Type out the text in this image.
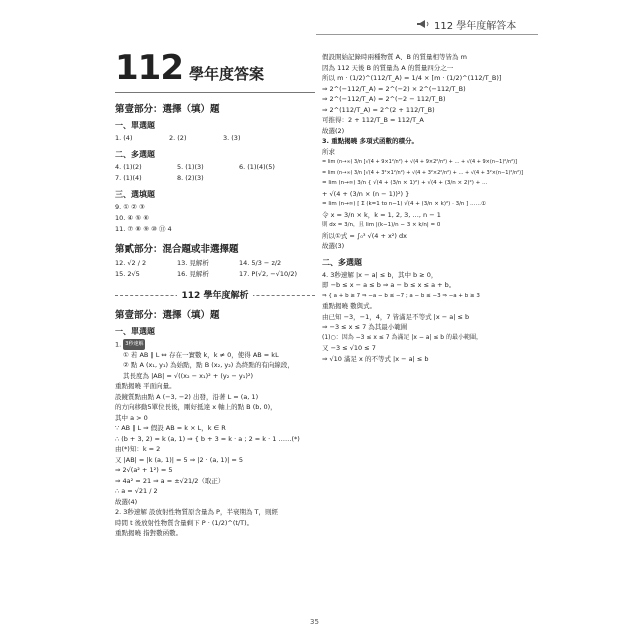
112 學年度解答本
112 學年度答案
第壹部分：選擇（填）題
一、單選題
1. (4)	2. (2)	3. (3)
二、多選題
4. (1)(2)	5. (1)(3)	6. (1)(4)(5)
7. (1)(4)	8. (2)(3)
三、選填題
9. ① ② ③
10. ④ ⑤ ⑥
11. ⑦ ⑧ ⑨ ⑩ ⑪ 4
第貳部分：混合題或非選擇題
12. √2 / 2	13. 見解析	14. 5/3 − z/2
15. 2√5	16. 見解析	17. P(√2, −√10/2)
112 學年度解析
第壹部分：選擇（填）題
一、單選題
1. 3秒速解
① 若 AB ∥ L ⇔ 存在一實數 k，k ≠ 0，使得 AB = kL
② 點 A (x₁, y₁) 為始點，點 B (x₂, y₂) 為終點的有向線段，
其長度為 |AB| = √((x₂ − x₁)² + (y₂ − y₁)²)
重點揭曉 平面向量。
設鏡質點由點 A (−3, −2) 出發，沿著 L = (a, 1)
的方向移動5單位長後，剛好抵達 x 軸上的點 B (b, 0)，
其中 a > 0
∵ AB ∥ L ⇒ 假設 AB = k × L，k ∈ R
∴ (b + 3, 2) = k (a, 1) ⇒ { b + 3 = k · a ; 2 = k · 1 ……(*)
由(*)知：k = 2
又 |AB| = |k (a, 1)| = 5 ⇒ |2 · (a, 1)| = 5
⇒ 2√(a² + 1²) = 5
⇒ 4a² = 21 ⇒ a = ±√21/2（取正）
∴ a = √21 / 2
故選(4)
2. 3秒速解 設放射性物質原含量為 P，半衰期為 T，則經
時間 t 後放射性物質含量剩下 P · (1/2)^(t/T)。
重點揭曉 指對數函數。
假設開始記錄時兩種物質 A、B 的質量相等皆為 m
因為 112 天後 B 的質量為 A 的質量四分之一
所以 m · (1/2)^(112/T_A) = 1/4 × [m · (1/2)^(112/T_B)]
⇒ 2^(−112/T_A) = 2^(−2) × 2^(−112/T_B)
⇒ 2^(−112/T_A) = 2^(−2 − 112/T_B)
⇒ 2^(112/T_A) = 2^(2 + 112/T_B)
可推得：2 + 112/T_B = 112/T_A
故選(2)
3. 重點揭曉 多項式函數的積分。
所求
= lim (n→∞) 3/n [√(4 + 9×1²/n²) + √(4 + 9×2²/n²) + … + √(4 + 9×(n−1)²/n²)]
= lim (n→∞) 3/n [√(4 + 3²×1²/n²) + √(4 + 3²×2²/n²) + … + √(4 + 3²×(n−1)²/n²)]
= lim (n→∞) 3/n { √(4 + (3/n × 1)²) + √(4 + (3/n × 2)²) + …
+ √(4 + (3/n × (n − 1))²) }
= lim (n→∞) [ Σ (k=1 to n−1) √(4 + (3/n × k)²) · 3/n ] ……①
令 x = 3/n × k，k = 1, 2, 3, …, n − 1
則 dx = 3/n，且 lim |(k−1)/n − 3 × k/n| = 0
所以①式 = ∫₀³ √(4 + x²) dx
故選(3)
二、多選題
4. 3秒速解 |x − a| ≤ b，其中 b ≥ 0，
即 −b ≤ x − a ≤ b ⇒ a − b ≤ x ≤ a + b。
⇒ { a + b ≥ 7 ⇒ −a − b ≤ −7 ; a − b ≤ −3 ⇒ −a + b ≥ 3
重點揭曉 數與式。
由已知 −3，−1，4，7 皆滿足不等式 |x − a| ≤ b
⇒ −3 ≤ x ≤ 7 為其最小範圍
(1)○：因為 −3 ≤ x ≤ 7 為滿足 |x − a| ≤ b 的最小範圍，
又 −3 ≤ √10 ≤ 7
⇒ √10 滿足 x 的不等式 |x − a| ≤ b
35
